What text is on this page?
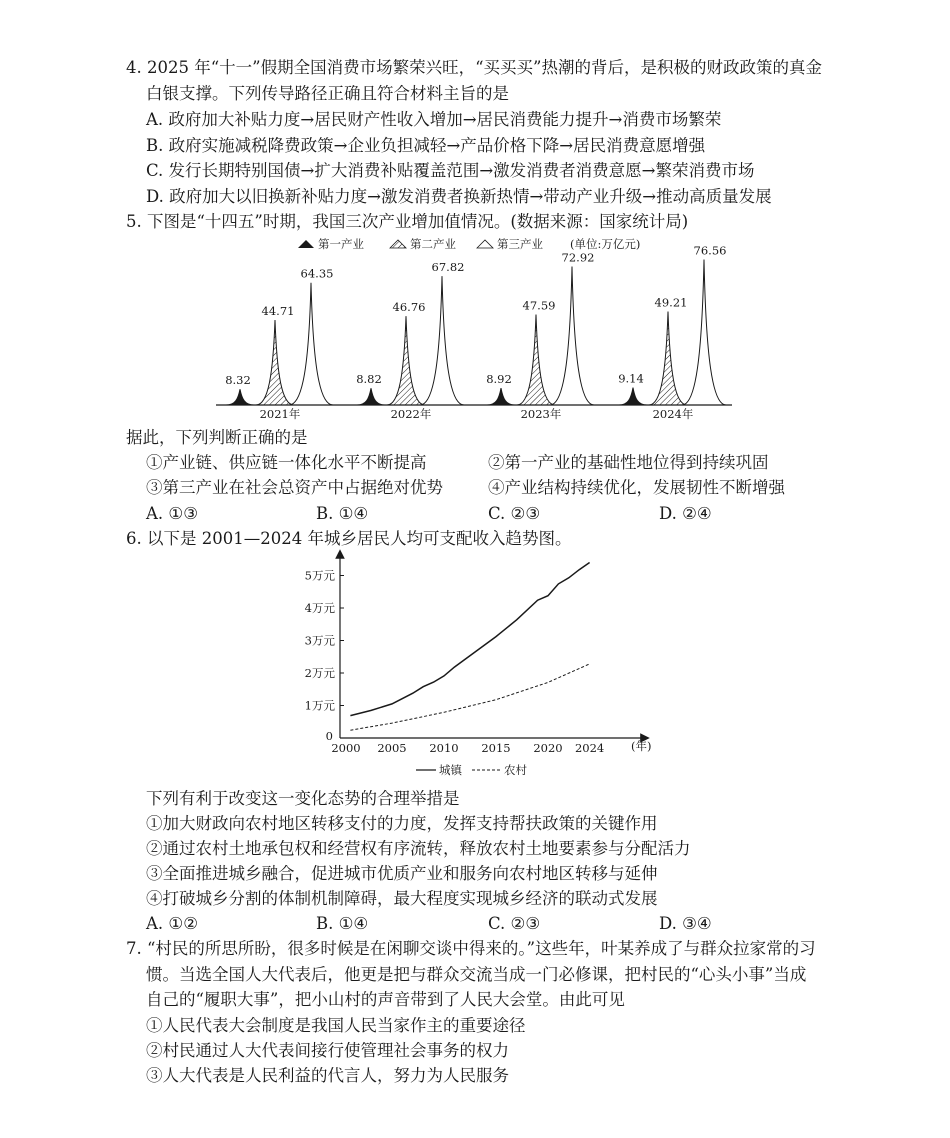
4. 2025 年“十一”假期全国消费市场繁荣兴旺，“买买买”热潮的背后，是积极的财政政策的真金
白银支撑。下列传导路径正确且符合材料主旨的是
A. 政府加大补贴力度→居民财产性收入增加→居民消费能力提升→消费市场繁荣
B. 政府实施减税降费政策→企业负担减轻→产品价格下降→居民消费意愿增强
C. 发行长期特别国债→扩大消费补贴覆盖范围→激发消费者消费意愿→繁荣消费市场
D. 政府加大以旧换新补贴力度→激发消费者换新热情→带动产业升级→推动高质量发展
5. 下图是“十四五”时期，我国三次产业增加值情况。(数据来源：国家统计局)
第一产业	第二产业	第三产业 (单位:万亿元)
8.32
44.71
64.35
8.82
46.76
67.82
8.92
47.59
72.92
9.14
49.21
76.56
2021年	2022年	2023年	2024年
据此，下列判断正确的是
①产业链、供应链一体化水平不断提高	②第一产业的基础性地位得到持续巩固
③第三产业在社会总资产中占据绝对优势	④产业结构持续优化，发展韧性不断增强
A. ①③	B. ①④	C. ②③	D. ②④
6. 以下是 2001—2024 年城乡居民人均可支配收入趋势图。
0
1万元
2万元
3万元
4万元
5万元
2000 2005 2010 2015 2020 2024 (年)
城镇	农村
下列有利于改变这一变化态势的合理举措是
①加大财政向农村地区转移支付的力度，发挥支持帮扶政策的关键作用
②通过农村土地承包权和经营权有序流转，释放农村土地要素参与分配活力
③全面推进城乡融合，促进城市优质产业和服务向农村地区转移与延伸
④打破城乡分割的体制机制障碍，最大程度实现城乡经济的联动式发展
A. ①②	B. ①④	C. ②③	D. ③④
7. “村民的所思所盼，很多时候是在闲聊交谈中得来的。”这些年，叶某养成了与群众拉家常的习
惯。当选全国人大代表后，他更是把与群众交流当成一门必修课，把村民的“心头小事”当成
自己的“履职大事”，把小山村的声音带到了人民大会堂。由此可见
①人民代表大会制度是我国人民当家作主的重要途径
②村民通过人大代表间接行使管理社会事务的权力
③人大代表是人民利益的代言人，努力为人民服务
